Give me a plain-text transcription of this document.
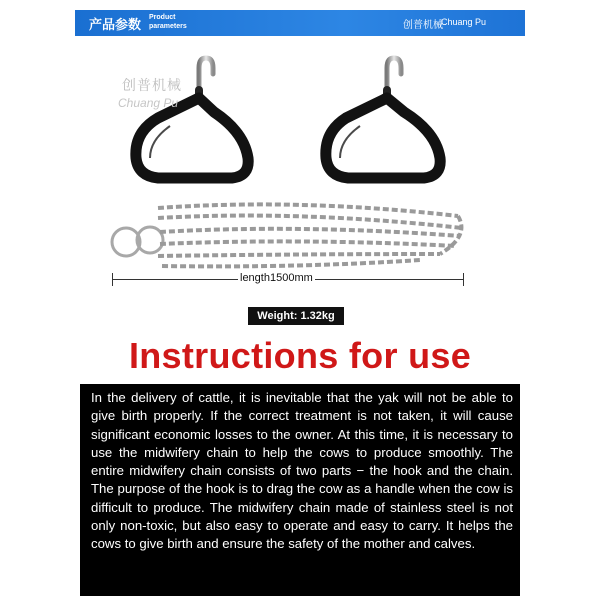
产品参数
Product
parameters	创普机械
Chuang Pu
创普机械
Chuang Pu
length1500mm
Weight: 1.32kg
Instructions for use
In the delivery of cattle, it is inevitable that the yak will not be able to give birth properly. If the correct treatment is not taken, it will cause significant economic losses to the owner. At this time, it is necessary to use the midwifery chain to help the cows to produce smoothly. The entire midwifery chain consists of two parts − the hook and the chain. The purpose of the hook is to drag the cow as a handle when the cow is difficult to produce. The midwifery chain made of stainless steel is not only non-toxic, but also easy to operate and easy to carry. It helps the cows to give birth and ensure the safety of the mother and calves.
